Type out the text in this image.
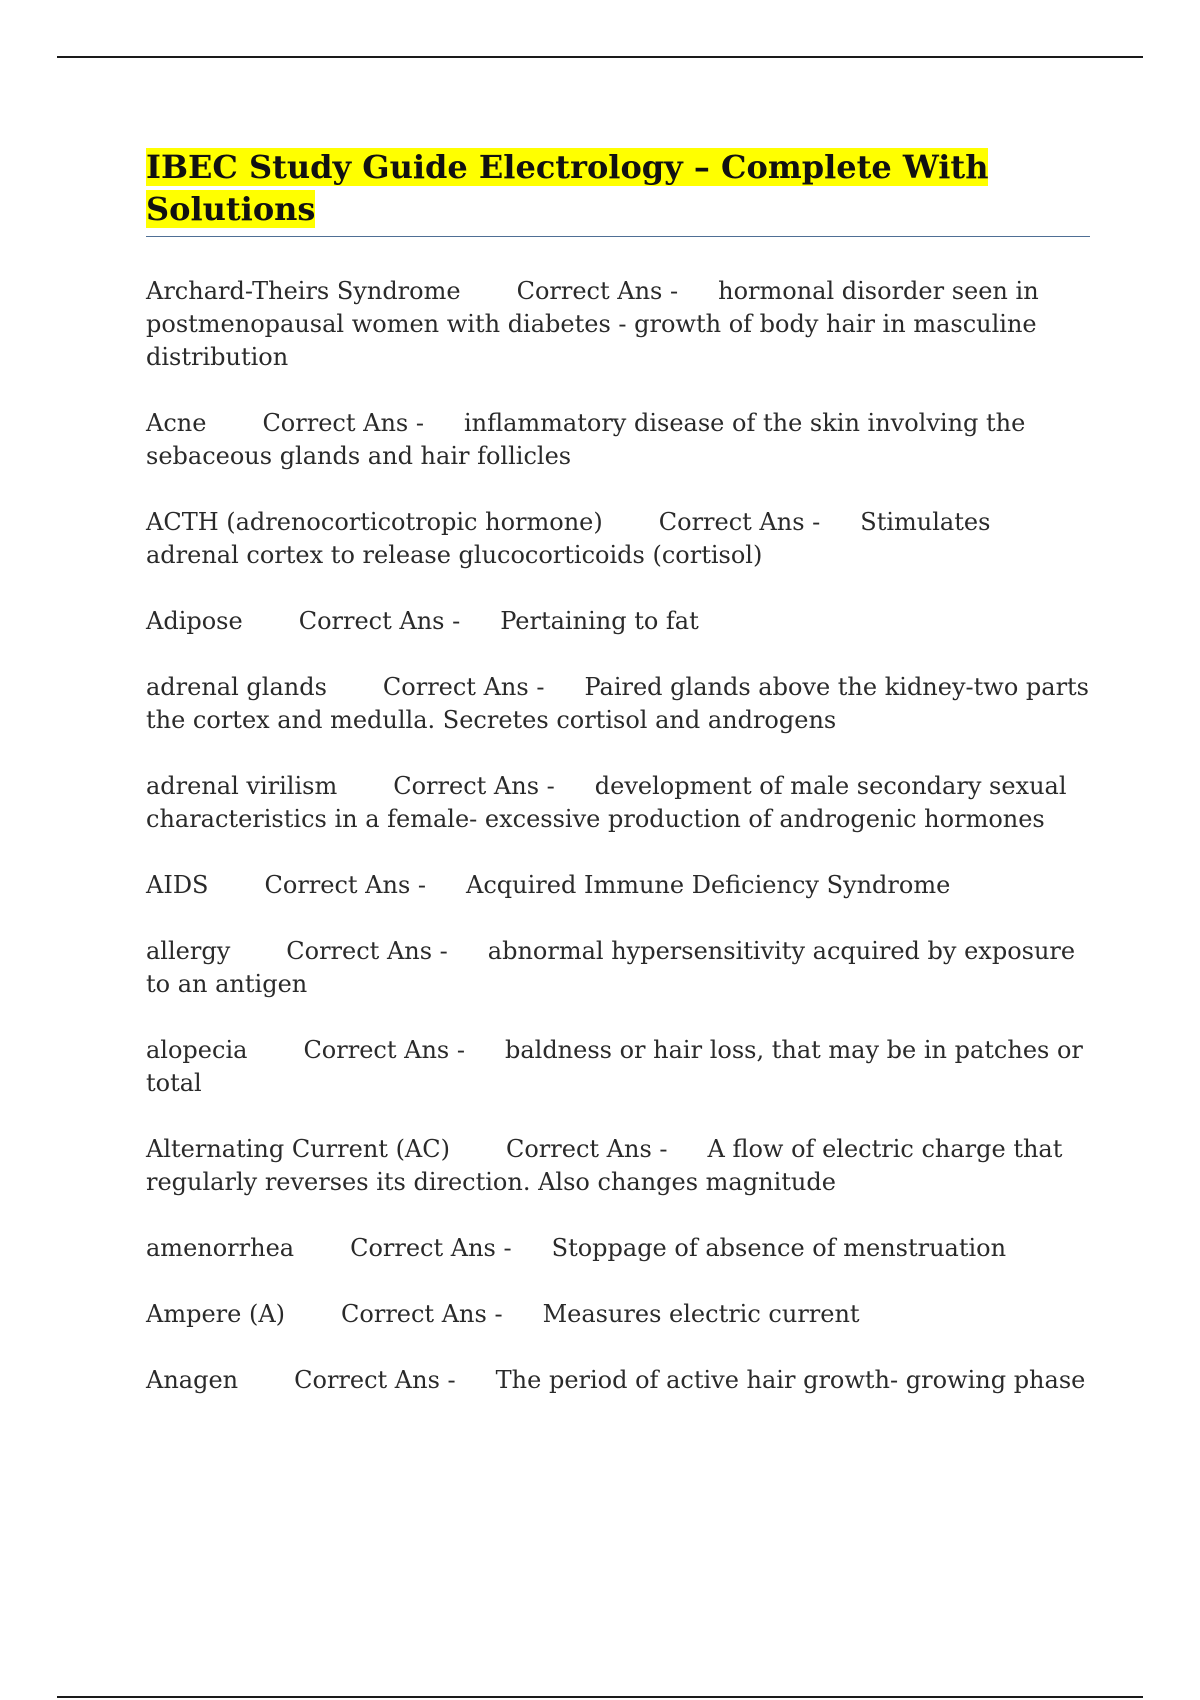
IBEC Study Guide Electrology – Complete With
Solutions

Archard-Theirs Syndrome Correct Ans - hormonal disorder seen in postmenopausal women with diabetes - growth of body hair in masculine distribution

Acne Correct Ans - inflammatory disease of the skin involving the sebaceous glands and hair follicles

ACTH (adrenocorticotropic hormone) Correct Ans - Stimulates adrenal cortex to release glucocorticoids (cortisol)

Adipose Correct Ans - Pertaining to fat

adrenal glands Correct Ans - Paired glands above the kidney-two parts the cortex and medulla. Secretes cortisol and androgens

adrenal virilism Correct Ans - development of male secondary sexual characteristics in a female- excessive production of androgenic hormones

AIDS Correct Ans - Acquired Immune Deficiency Syndrome

allergy Correct Ans - abnormal hypersensitivity acquired by exposure to an antigen

alopecia Correct Ans - baldness or hair loss, that may be in patches or total

Alternating Current (AC) Correct Ans - A flow of electric charge that regularly reverses its direction. Also changes magnitude

amenorrhea Correct Ans - Stoppage of absence of menstruation

Ampere (A) Correct Ans - Measures electric current

Anagen Correct Ans - The period of active hair growth- growing phase
